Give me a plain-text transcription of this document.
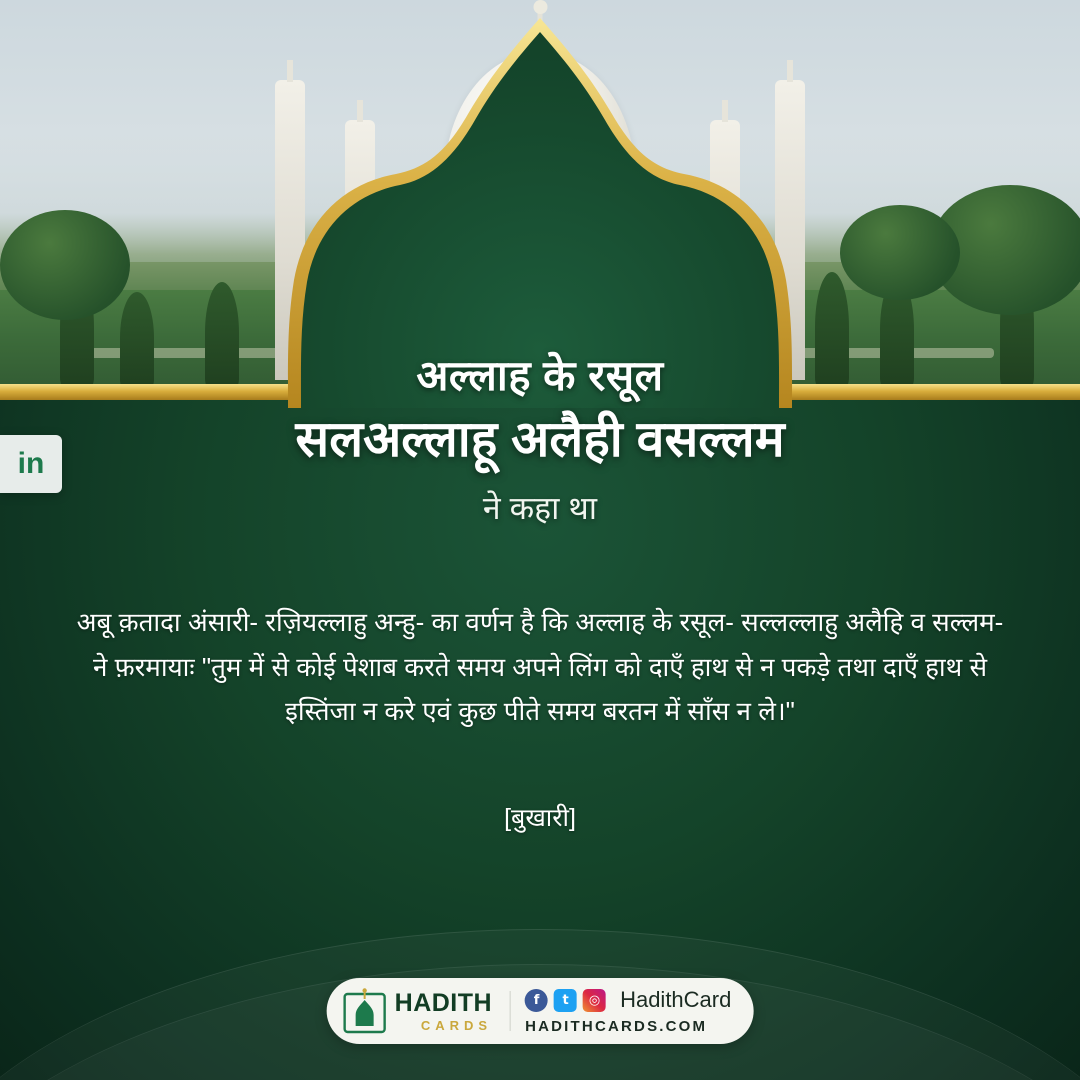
अल्लाह के रसूल
सलअल्लाहू अलैही वसल्लम
ने कहा था
अबू क़तादा अंसारी- रज़ियल्लाहु अन्हु- का वर्णन है कि अल्लाह के रसूल- सल्लल्लाहु अलैहि व सल्लम- ने फ़रमायाः "तुम में से कोई पेशाब करते समय अपने लिंग को दाएँ हाथ से न पकड़े तथा दाएँ हाथ से इस्तिंजा न करे एवं कुछ पीते समय बरतन में साँस न ले।"
[बुखारी]
in
HADITH
CARDS
f	t	◎ HadithCard
HADITHCARDS.COM
